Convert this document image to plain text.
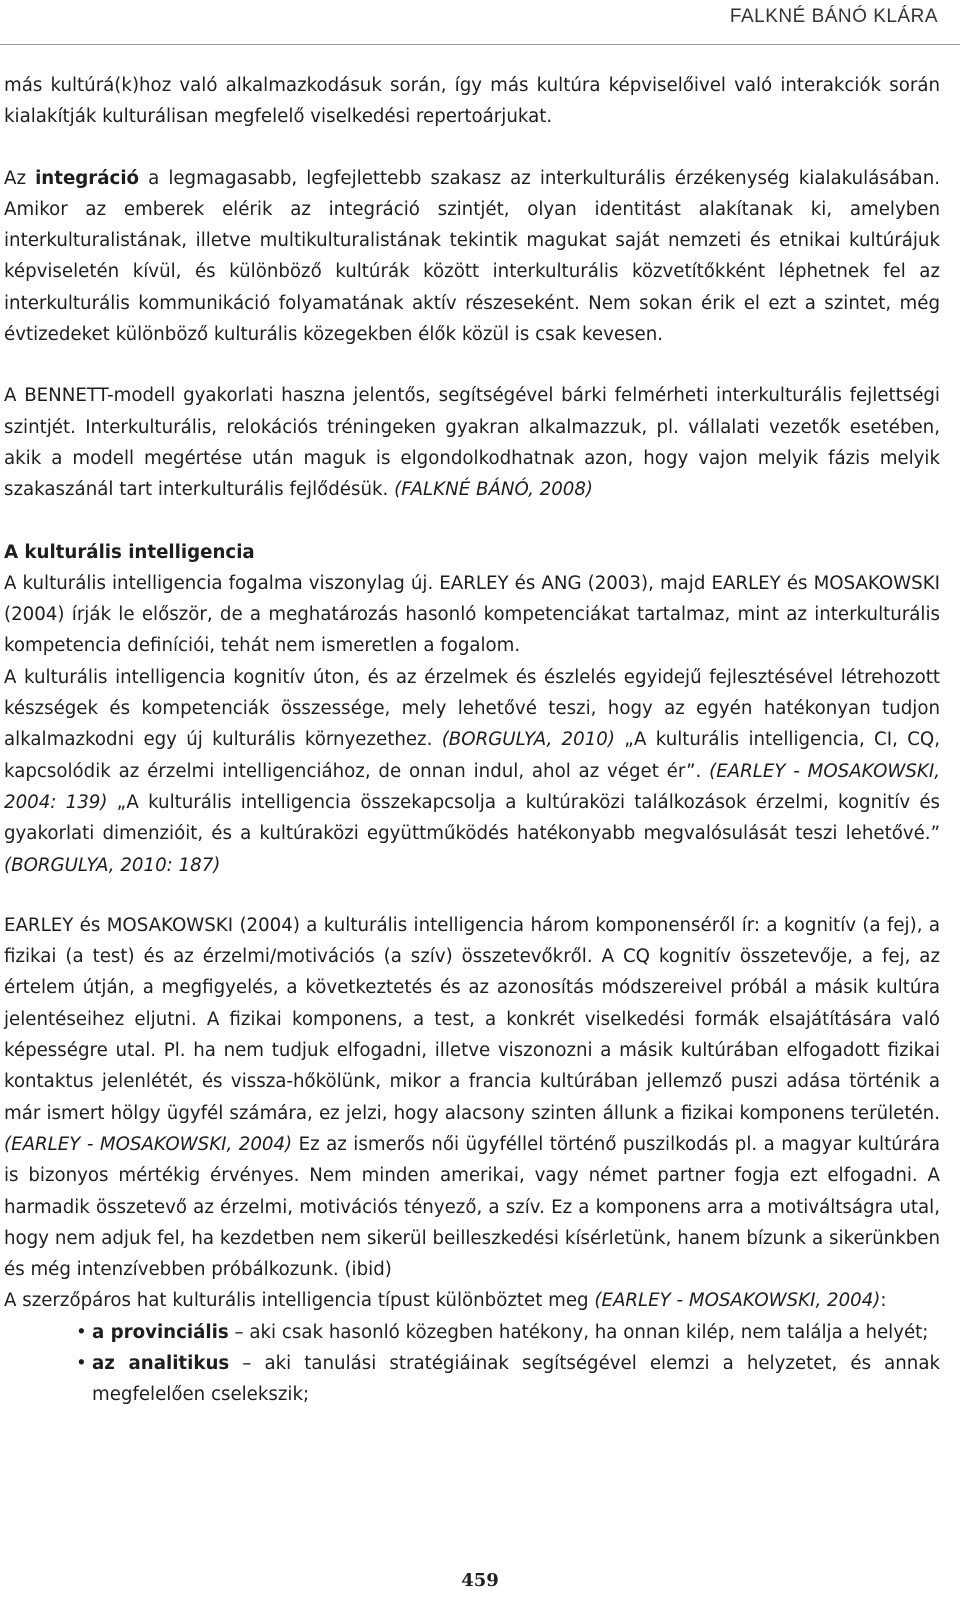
FALKNÉ BÁNÓ KLÁRA

más kultúrá(k)hoz való alkalmazkodásuk során, így más kultúra képviselőivel való interakciók során kialakítják kulturálisan megfelelő viselkedési repertoárjukat.

Az integráció a legmagasabb, legfejlettebb szakasz az interkulturális érzékenység kialakulásában. Amikor az emberek elérik az integráció szintjét, olyan identitást alakítanak ki, amelyben interkulturalistának, illetve multikulturalistának tekintik magukat saját nemzeti és etnikai kultúrájuk képviseletén kívül, és különböző kultúrák között interkulturális közvetítőkként léphetnek fel az interkulturális kommunikáció folyamatának aktív részeseként. Nem sokan érik el ezt a szintet, még évtizedeket különböző kulturális közegekben élők közül is csak kevesen.

A BENNETT-modell gyakorlati haszna jelentős, segítségével bárki felmérheti interkulturális fejlettségi szintjét. Interkulturális, relokációs tréningeken gyakran alkalmazzuk, pl. vállalati vezetők esetében, akik a modell megértése után maguk is elgondolkodhatnak azon, hogy vajon melyik fázis melyik szakaszánál tart interkulturális fejlődésük. (FALKNÉ BÁNÓ, 2008)

A kulturális intelligencia

A kulturális intelligencia fogalma viszonylag új. EARLEY és ANG (2003), majd EARLEY és MOSAKOWSKI (2004) írják le először, de a meghatározás hasonló kompetenciákat tartalmaz, mint az interkulturális kompetencia definíciói, tehát nem ismeretlen a fogalom.
A kulturális intelligencia kognitív úton, és az érzelmek és észlelés egyidejű fejlesztésével létrehozott készségek és kompetenciák összessége, mely lehetővé teszi, hogy az egyén hatékonyan tudjon alkalmazkodni egy új kulturális környezethez. (BORGULYA, 2010) „A kulturális intelligencia, CI, CQ, kapcsolódik az érzelmi intelligenciához, de onnan indul, ahol az véget ér”. (EARLEY - MOSAKOWSKI, 2004: 139) „A kulturális intelligencia összekapcsolja a kultúraközi találkozások érzelmi, kognitív és gyakorlati dimenzióit, és a kultúraközi együttműködés hatékonyabb megvalósulását teszi lehetővé.” (BORGULYA, 2010: 187)

EARLEY és MOSAKOWSKI (2004) a kulturális intelligencia három komponenséről ír: a kognitív (a fej), a fizikai (a test) és az érzelmi/motivációs (a szív) összetevőkről. A CQ kognitív összetevője, a fej, az értelem útján, a megfigyelés, a következtetés és az azonosítás módszereivel próbál a másik kultúra jelentéseihez eljutni. A fizikai komponens, a test, a konkrét viselkedési formák elsajátítására való képességre utal. Pl. ha nem tudjuk elfogadni, illetve viszonozni a másik kultúrában elfogadott fizikai kontaktus jelenlétét, és vissza-hőkölünk, mikor a francia kultúrában jellemző puszi adása történik a már ismert hölgy ügyfél számára, ez jelzi, hogy alacsony szinten állunk a fizikai komponens területén. (EARLEY - MOSAKOWSKI, 2004) Ez az ismerős női ügyféllel történő puszilkodás pl. a magyar kultúrára is bizonyos mértékig érvényes. Nem minden amerikai, vagy német partner fogja ezt elfogadni. A harmadik összetevő az érzelmi, motivációs tényező, a szív. Ez a komponens arra a motiváltságra utal, hogy nem adjuk fel, ha kezdetben nem sikerül beilleszkedési kísérletünk, hanem bízunk a sikerünkben és még intenzívebben próbálkozunk. (ibid)
A szerzőpáros hat kulturális intelligencia típust különböztet meg (EARLEY - MOSAKOWSKI, 2004):

• a provinciális – aki csak hasonló közegben hatékony, ha onnan kilép, nem találja a helyét;
• az analitikus – aki tanulási stratégiáinak segítségével elemzi a helyzetet, és annak megfelelően cselekszik;
459
